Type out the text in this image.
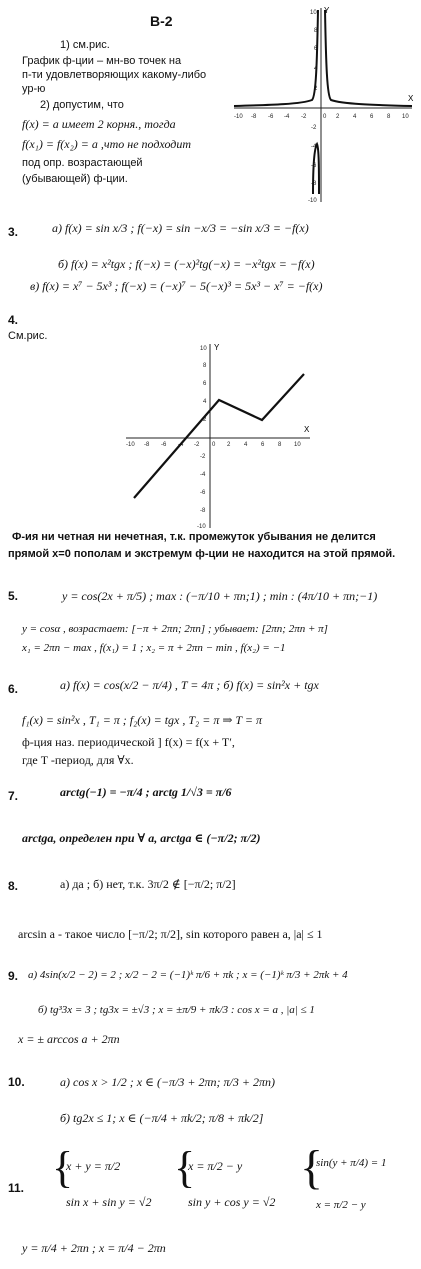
В-2
1) см.рис.
График ф-ции – мн-во точек на
п-ти удовлетворяющих какому-либо
ур-ю
2) допустим, что
f(x) = a имеет 2 корня., тогда
f(x₁) = f(x₂) = a ,что не подходит
под опр. возрастающей
(убывающей) ф-ции.
X
Y
-10 -8 -6 -4 -2	0 2 4 6 8 10
10
8
6
4
2
-2
-4
-6
-8
-10
3.	а) f(x) = sin x/3 ; f(−x) = sin −x/3 = −sin x/3 = −f(x)
б) f(x) = x²tgx ; f(−x) = (−x)²tg(−x) = −x²tgx = −f(x)
в) f(x) = x⁷ − 5x³ ; f(−x) = (−x)⁷ − 5(−x)³ = 5x³ − x⁷ = −f(x)
4.
См.рис.
X
Y
-10 -8 -6 -4 -2 0 2 4 6 8 10
10
8
6
4
2
-2
-4
-6
-8
-10
Ф-ия ни четная ни нечетная, т.к. промежуток убывания не делится
прямой x=0 пополам и экстремум ф-ции не находится на этой прямой.
5.	y = cos(2x + π/5) ; max : (−π/10 + πn;1) ; min : (4π/10 + πn;−1)
y = cosα , возрастает: [−π + 2πn; 2πn] ; убывает: [2πn; 2πn + π]
x₁ = 2πn − max , f(x₁) = 1 ; x₂ = π + 2πn − min , f(x₂) = −1
6.	а) f(x) = cos(x/2 − π/4) , T = 4π ; б) f(x) = sin²x + tgx
f₁(x) = sin²x , T₁ = π ; f₂(x) = tgx , T₂ = π ⇒ T = π
ф-ция наз. периодической ] f(x) = f(x + T′,
где T -период, для ∀x.
7.	arctg(−1) = −π/4 ; arctg 1/√3 = π/6
arctga, определен при ∀ a, arctga ∈ (−π/2; π/2)
8.	а) да ; б) нет, т.к. 3π/2 ∉ [−π/2; π/2]
arcsin a - такое число [−π/2; π/2], sin которого равен a, |a| ≤ 1
9. а) 4sin(x/2 − 2) = 2 ; x/2 − 2 = (−1)ᵏ π/6 + πk ; x = (−1)ᵏ π/3 + 2πk + 4
б) tg³3x = 3 ; tg3x = ±√3 ; x = ±π/9 + πk/3 : cos x = a , |a| ≤ 1
x = ± arccos a + 2πn
10.	а) cos x > 1/2 ; x ∈ (−π/3 + 2πn; π/3 + 2πn)
б) tg2x ≤ 1; x ∈ (−π/4 + πk/2; π/8 + πk/2]
11. {
x + y = π/2
sin x + sin y = √2
{
x = π/2 − y
sin y + cos y = √2
{
sin(y + π/4) = 1
x = π/2 − y
y = π/4 + 2πn ; x = π/4 − 2πn
